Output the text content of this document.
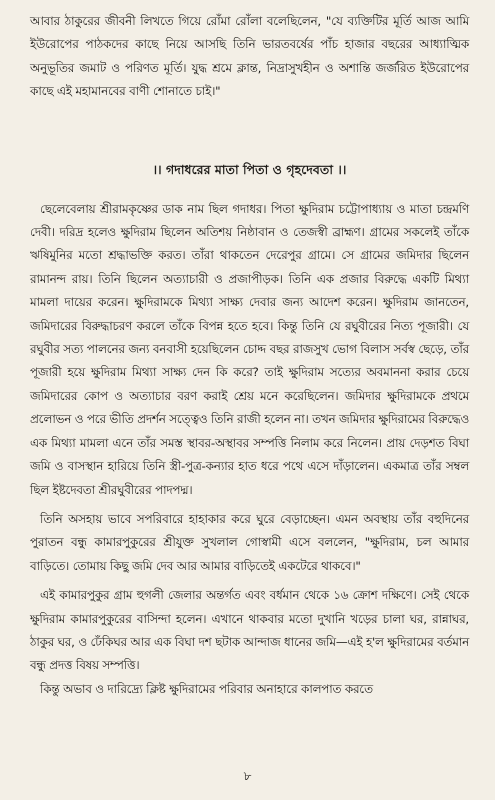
আবার ঠাকুরের জীবনী লিখতে গিয়ে রোঁমা রোঁলা বলেছিলেন, "যে ব্যক্তিটির মূর্তি আজ আমি ইউরোপের পাঠকদের কাছে নিয়ে আসছি তিনি ভারতবর্ষের পাঁচ হাজার বছরের আধ্যাত্মিক অনুভূতির জমাট ও পরিণত মূর্তি। যুদ্ধ শ্রমে ক্লান্ত, নিদ্রাসুখহীন ও অশান্তি জর্জরিত ইউরোপের কাছে এই মহামানবের বাণী শোনাতে চাই।"

।। গদাধরের মাতা পিতা ও গৃহদেবতা ।।

ছেলেবেলায় শ্রীরামকৃষ্ণের ডাক নাম ছিল গদাধর। পিতা ক্ষুদিরাম চট্টোপাধ্যায় ও মাতা চন্দ্রমণি দেবী। দরিদ্র হলেও ক্ষুদিরাম ছিলেন অতিশয় নিষ্ঠাবান ও তেজস্বী ব্রাহ্মণ। গ্রামের সকলেই তাঁকে ঋষিমুনির মতো শ্রদ্ধাভক্তি করত। তাঁরা থাকতেন দেরেপুর গ্রামে। সে গ্রামের জমিদার ছিলেন রামানন্দ রায়। তিনি ছিলেন অত্যাচারী ও প্রজাপীড়ক। তিনি এক প্রজার বিরুদ্ধে একটি মিথ্যা মামলা দায়ের করেন। ক্ষুদিরামকে মিথ্যা সাক্ষ্য দেবার জন্য আদেশ করেন। ক্ষুদিরাম জানতেন, জমিদারের বিরুদ্ধাচরণ করলে তাঁকে বিপন্ন হতে হবে। কিন্তু তিনি যে রঘুবীরের নিত্য পূজারী। যে রঘুবীর সত্য পালনের জন্য বনবাসী হয়েছিলেন চোদ্দ বছর রাজসুখ ভোগ বিলাস সর্বস্ব ছেড়ে, তাঁর পূজারী হয়ে ক্ষুদিরাম মিথ্যা সাক্ষ্য দেন কি করে? তাই ক্ষুদিরাম সত্যের অবমাননা করার চেয়ে জমিদারের কোপ ও অত্যাচার বরণ করাই শ্রেয় মনে করেছিলেন। জমিদার ক্ষুদিরামকে প্রথমে প্রলোভন ও পরে ভীতি প্রদর্শন সত্ত্বেও তিনি রাজী হলেন না। তখন জমিদার ক্ষুদিরামের বিরুদ্ধেও এক মিথ্যা মামলা এনে তাঁর সমস্ত স্থাবর-অস্থাবর সম্পত্তি নিলাম করে নিলেন। প্রায় দেড়শত বিঘা জমি ও বাসস্থান হারিয়ে তিনি স্ত্রী-পুত্র-কন্যার হাত ধরে পথে এসে দাঁড়ালেন। একমাত্র তাঁর সম্বল ছিল ইষ্টদেবতা শ্রীরঘুবীরের পাদপদ্ম।

তিনি অসহায় ভাবে সপরিবারে হাহাকার করে ঘুরে বেড়াচ্ছেন। এমন অবস্থায় তাঁর বহুদিনের পুরাতন বন্ধু কামারপুকুরের শ্রীযুক্ত সুখলাল গোস্বামী এসে বললেন, "ক্ষুদিরাম, চল আমার বাড়িতে। তোমায় কিছু জমি দেব আর আমার বাড়িতেই একটেরে থাকবে।"

এই কামারপুকুর গ্রাম হুগলী জেলার অন্তর্গত এবং বর্ধমান থেকে ১৬ ক্রোশ দক্ষিণে। সেই থেকে ক্ষুদিরাম কামারপুকুরের বাসিন্দা হলেন। এখানে থাকবার মতো দুখানি খড়ের চালা ঘর, রান্নাঘর, ঠাকুর ঘর, ও ঢেঁকিঘর আর এক বিঘা দশ ছটাক আন্দাজ ধানের জমি—এই হ'ল ক্ষুদিরামের বর্তমান বন্ধু প্রদত্ত বিষয় সম্পত্তি।

কিন্তু অভাব ও দারিদ্র্যে ক্লিষ্ট ক্ষুদিরামের পরিবার অনাহারে কালপাত করতে

৮
